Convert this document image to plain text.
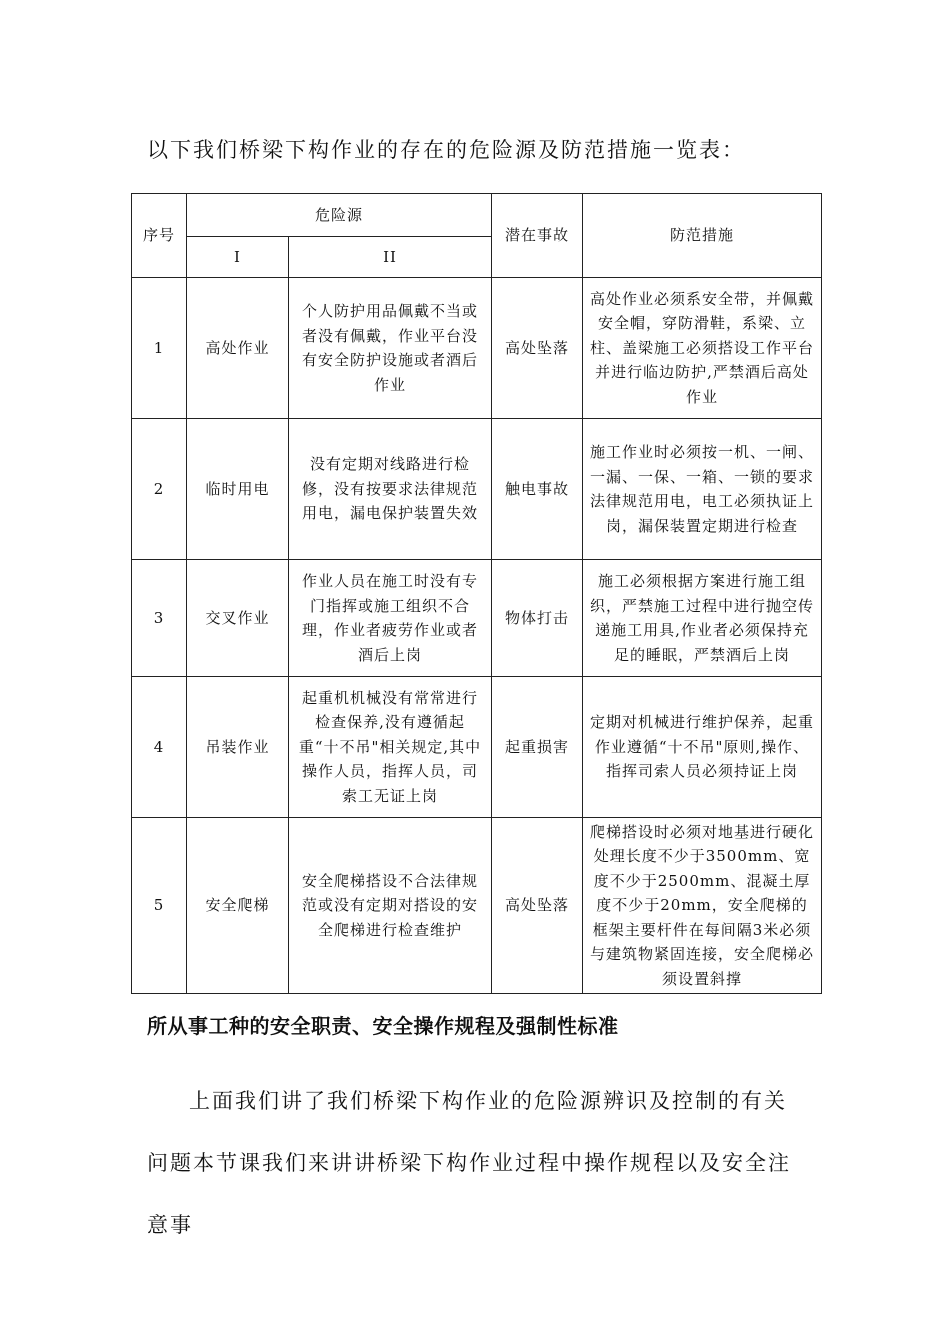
以下我们桥梁下构作业的存在的危险源及防范措施一览表：
序号	危险源		潜在事故	防范措施
	I	II		
1	高处作业	个人防护用品佩戴不当或者没有佩戴，作业平台没有安全防护设施或者酒后作业	高处坠落	高处作业必须系安全带，并佩戴安全帽，穿防滑鞋，系梁、立柱、盖梁施工必须搭设工作平台并进行临边防护,严禁酒后高处作业
2	临时用电	没有定期对线路进行检修，没有按要求法律规范用电，漏电保护装置失效	触电事故	施工作业时必须按一机、一闸、一漏、一保、一箱、一锁的要求法律规范用电，电工必须执证上岗，漏保装置定期进行检查
3	交叉作业	作业人员在施工时没有专门指挥或施工组织不合理，作业者疲劳作业或者酒后上岗	物体打击	施工必须根据方案进行施工组织，严禁施工过程中进行抛空传递施工用具,作业者必须保持充足的睡眠，严禁酒后上岗
4	吊装作业	起重机机械没有常常进行检查保养,没有遵循起重“十不吊"相关规定,其中操作人员，指挥人员，司索工无证上岗	起重损害	定期对机械进行维护保养，起重作业遵循“十不吊"原则,操作、指挥司索人员必须持证上岗
5	安全爬梯	安全爬梯搭设不合法律规范或没有定期对搭设的安全爬梯进行检查维护	高处坠落	爬梯搭设时必须对地基进行硬化处理长度不少于3500mm、宽度不少于2500mm、混凝土厚度不少于20mm，安全爬梯的框架主要杆件在每间隔3米必须与建筑物紧固连接，安全爬梯必须设置斜撑
所从事工种的安全职责、安全操作规程及强制性标准

上面我们讲了我们桥梁下构作业的危险源辨识及控制的有关问题本节课我们来讲讲桥梁下构作业过程中操作规程以及安全注意事
